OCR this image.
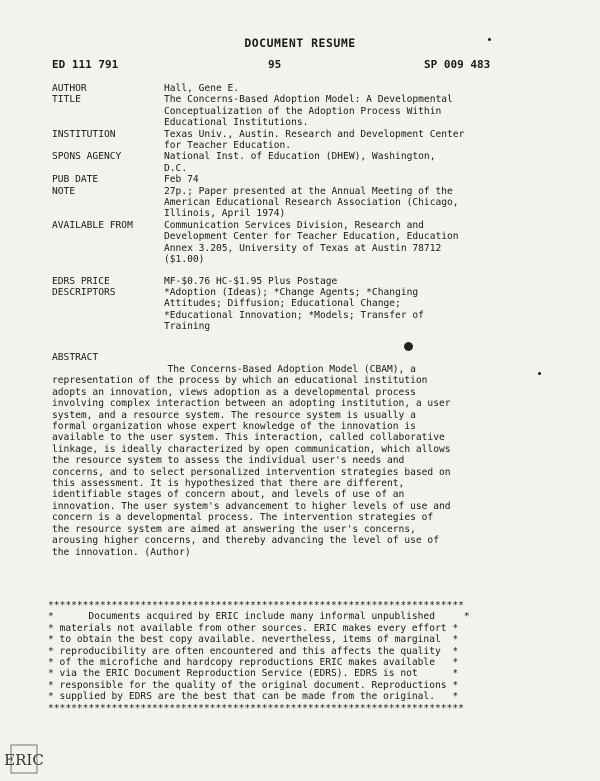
DOCUMENT RESUME
ED 111 791	95	SP 009 483
AUTHOR	Hall, Gene E.
TITLE	The Concerns-Based Adoption Model: A Developmental
Conceptualization of the Adoption Process Within
Educational Institutions.
INSTITUTION	Texas Univ., Austin. Research and Development Center
for Teacher Education.
SPONS AGENCY	National Inst. of Education (DHEW), Washington,
D.C.
PUB DATE	Feb 74
NOTE	27p.; Paper presented at the Annual Meeting of the
American Educational Research Association (Chicago,
Illinois, April 1974)
AVAILABLE FROM	Communication Services Division, Research and
Development Center for Teacher Education, Education
Annex 3.205, University of Texas at Austin 78712
($1.00)
EDRS PRICE	MF-$0.76 HC-$1.95 Plus Postage
DESCRIPTORS	*Adoption (Ideas); *Change Agents; *Changing
Attitudes; Diffusion; Educational Change;
*Educational Innovation; *Models; Transfer of
Training
ABSTRACT
The Concerns-Based Adoption Model (CBAM), a
representation of the process by which an educational institution
adopts an innovation, views adoption as a developmental process
involving complex interaction between an adopting institution, a user
system, and a resource system. The resource system is usually a
formal organization whose expert knowledge of the innovation is
available to the user system. This interaction, called collaborative
linkage, is ideally characterized by open communication, which allows
the resource system to assess the individual user's needs and
concerns, and to select personalized intervention strategies based on
this assessment. It is hypothesized that there are different,
identifiable stages of concern about, and levels of use of an
innovation. The user system's advancement to higher levels of use and
concern is a developmental process. The intervention strategies of
the resource system are aimed at answering the user's concerns,
arousing higher concerns, and thereby advancing the level of use of
the innovation. (Author)
************************************************************************
*      Documents acquired by ERIC include many informal unpublished     *
* materials not available from other sources. ERIC makes every effort *
* to obtain the best copy available. nevertheless, items of marginal  *
* reproducibility are often encountered and this affects the quality  *
* of the microfiche and hardcopy reproductions ERIC makes available   *
* via the ERIC Document Reproduction Service (EDRS). EDRS is not      *
* responsible for the quality of the original document. Reproductions *
* supplied by EDRS are the best that can be made from the original.   *
************************************************************************
ERIC
